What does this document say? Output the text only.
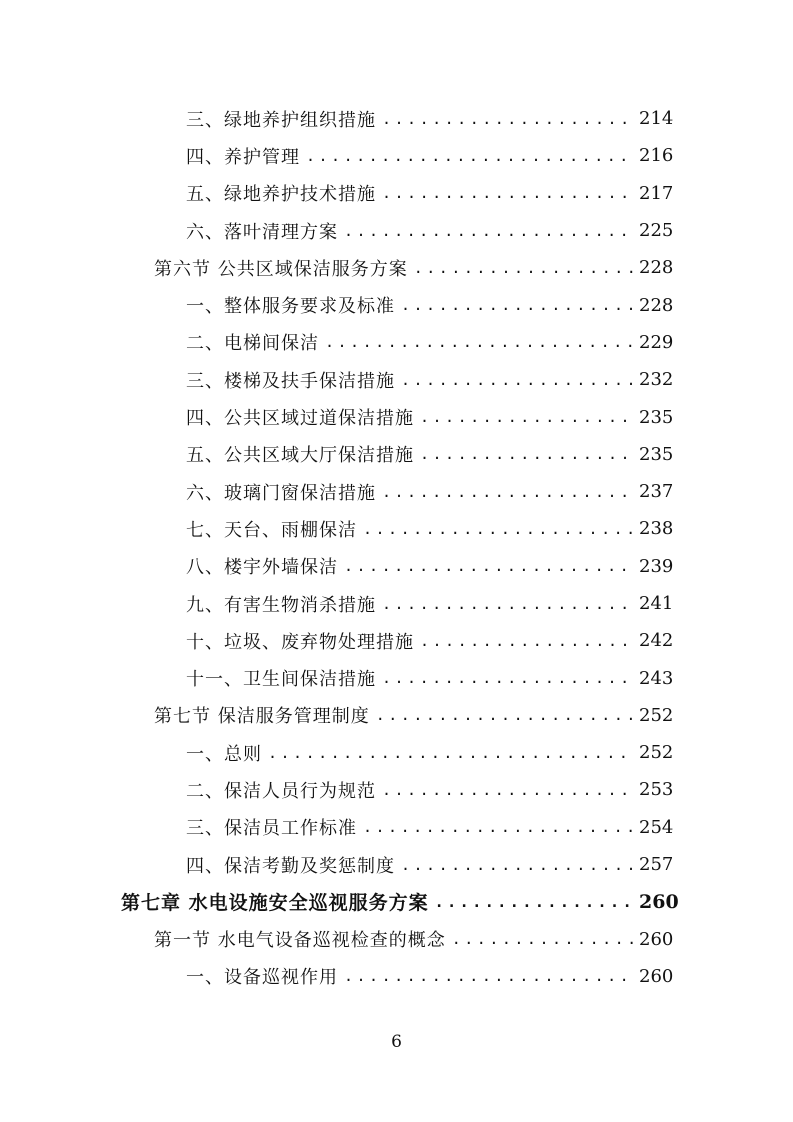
三、绿地养护组织措施 .....	214
四、养护管理 .....	216
五、绿地养护技术措施 .....	217
六、落叶清理方案 .....	225
第六节 公共区域保洁服务方案 .....	228
一、整体服务要求及标准 .....	228
二、电梯间保洁 .....	229
三、楼梯及扶手保洁措施 .....	232
四、公共区域过道保洁措施 .....	235
五、公共区域大厅保洁措施 .....	235
六、玻璃门窗保洁措施 .....	237
七、天台、雨棚保洁 .....	238
八、楼宇外墙保洁 .....	239
九、有害生物消杀措施 .....	241
十、垃圾、废弃物处理措施 .....	242
十一、卫生间保洁措施 .....	243
第七节 保洁服务管理制度 .....	252
一、总则 .....	252
二、保洁人员行为规范 .....	253
三、保洁员工作标准 .....	254
四、保洁考勤及奖惩制度 .....	257
第七章 水电设施安全巡视服务方案 .....	260
第一节 水电气设备巡视检查的概念 .....	260
一、设备巡视作用 .....	260
6
